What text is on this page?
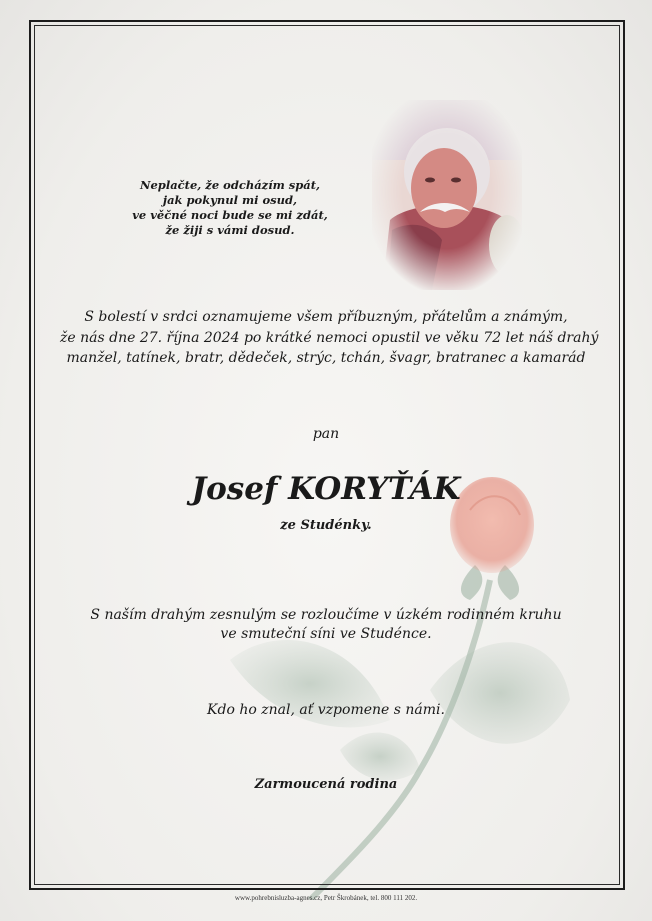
Neplačte, že odcházím spát,
jak pokynul mi osud,
ve věčné noci bude se mi zdát,
že žiji s vámi dosud.
S bolestí v srdci oznamujeme všem příbuzným, přátelům a známým,
že nás dne 27. října 2024 po krátké nemoci opustil ve věku 72 let náš drahý
manžel, tatínek, bratr, dědeček, strýc, tchán, švagr, bratranec a kamarád
pan
Josef KORYŤÁK
ze Studénky.
S naším drahým zesnulým se rozloučíme v úzkém rodinném kruhu
ve smuteční síni ve Studénce.
Kdo ho znal, ať vzpomene s námi.
Zarmoucená rodina
www.pohrebnisluzba-agnes.cz, Petr Škrobánek, tel. 800 111 202.
